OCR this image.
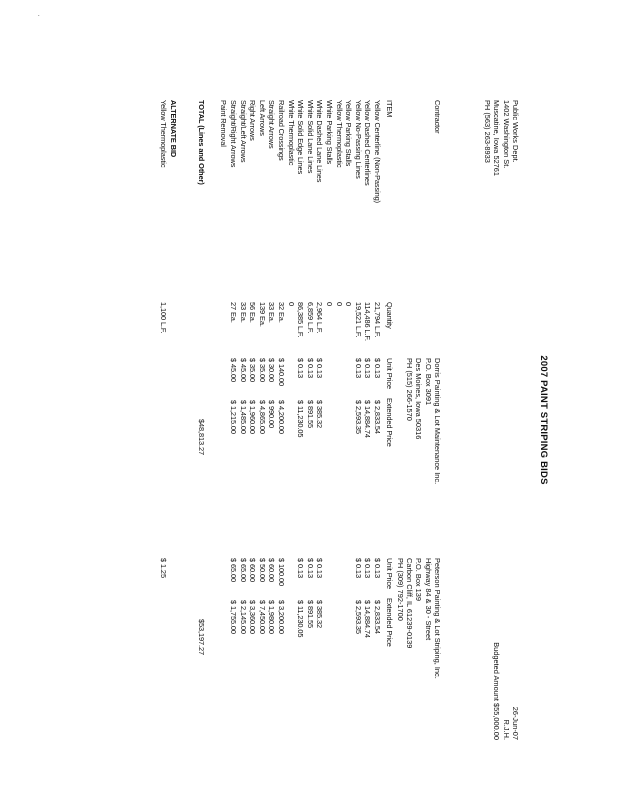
.
2007 PAINT STRIPING BIDS
Public Works Dept.
1402 Washington St.
Muscatine, Iowa 52761
PH (563) 263-8933
26-Jun-07
R.J.H.
Budgeted Amount $55,000.00
Contractor
Dorris Painting & Lot Maintenance Inc.
P.O. Box 3091
Des Moines, Iowa 50316
PH (515) 266-1570
Peterson Painting & Lot Striping, Inc.
Highway 84 & 30 - Street
P.O. Box 139
Carbon Cliff, IL 61239-0139
PH (309) 792-1700
ITEM
Quantity
Unit Price
Extended Price
Unit Price
Extended Price
Yellow Centerline (Non-Passing)
21,794 L.F.
$ 0.13
$ 2,833.54
$ 0.13
$ 2,833.54
Yellow Dashed Centerlines
114,486 L.F.
$ 0.13
$ 14,884.74
$ 0.13
$ 14,884.74
Yellow No-Passing Lines
19,521 L.F.
$ 0.13
$ 2,593.35
$ 0.13
$ 2,593.35
Yellow Parking Stalls
0
Yellow Thermoplastic
0
White Parking Stalls
0
White Dashed Lane Lines
2,964 L.F.
$ 0.13
$ 385.32
$ 0.13
$ 385.32
White Solid Lane Lines
6,859 L.F.
$ 0.13
$ 891.55
$ 0.13
$ 891.55
White Solid Edge Lines
86,385 L.F.
$ 0.13
$ 11,230.05
$ 0.13
$ 11,230.05
White Thermoplastic
0
Railroad Crossings
32 Ea.
$ 140.00
$ 4,200.00
$ 100.00
$ 3,200.00
Straight Arrows
33 Ea.
$ 30.00
$ 990.00
$ 60.00
$ 1,980.00
Left Arrows
139 Ea.
$ 35.00
$ 4,865.00
$ 50.00
$ 7,450.00
Right Arrows
56 Ea.
$ 35.00
$ 1,960.00
$ 60.00
$ 3,360.00
Straight/Left Arrows
33 Ea.
$ 45.00
$ 1,485.00
$ 65.00
$ 2,145.00
Straight/Right Arrows
27 Ea.
$ 45.00
$ 1,215.00
$ 65.00
$ 1,755.00
Paint Removal
TOTAL (Lines and Other)
$48,813.27
$53,197.27
ALTERNATE BID
Yellow Thermoplastic
1,100 L.F.
$ 1.25
